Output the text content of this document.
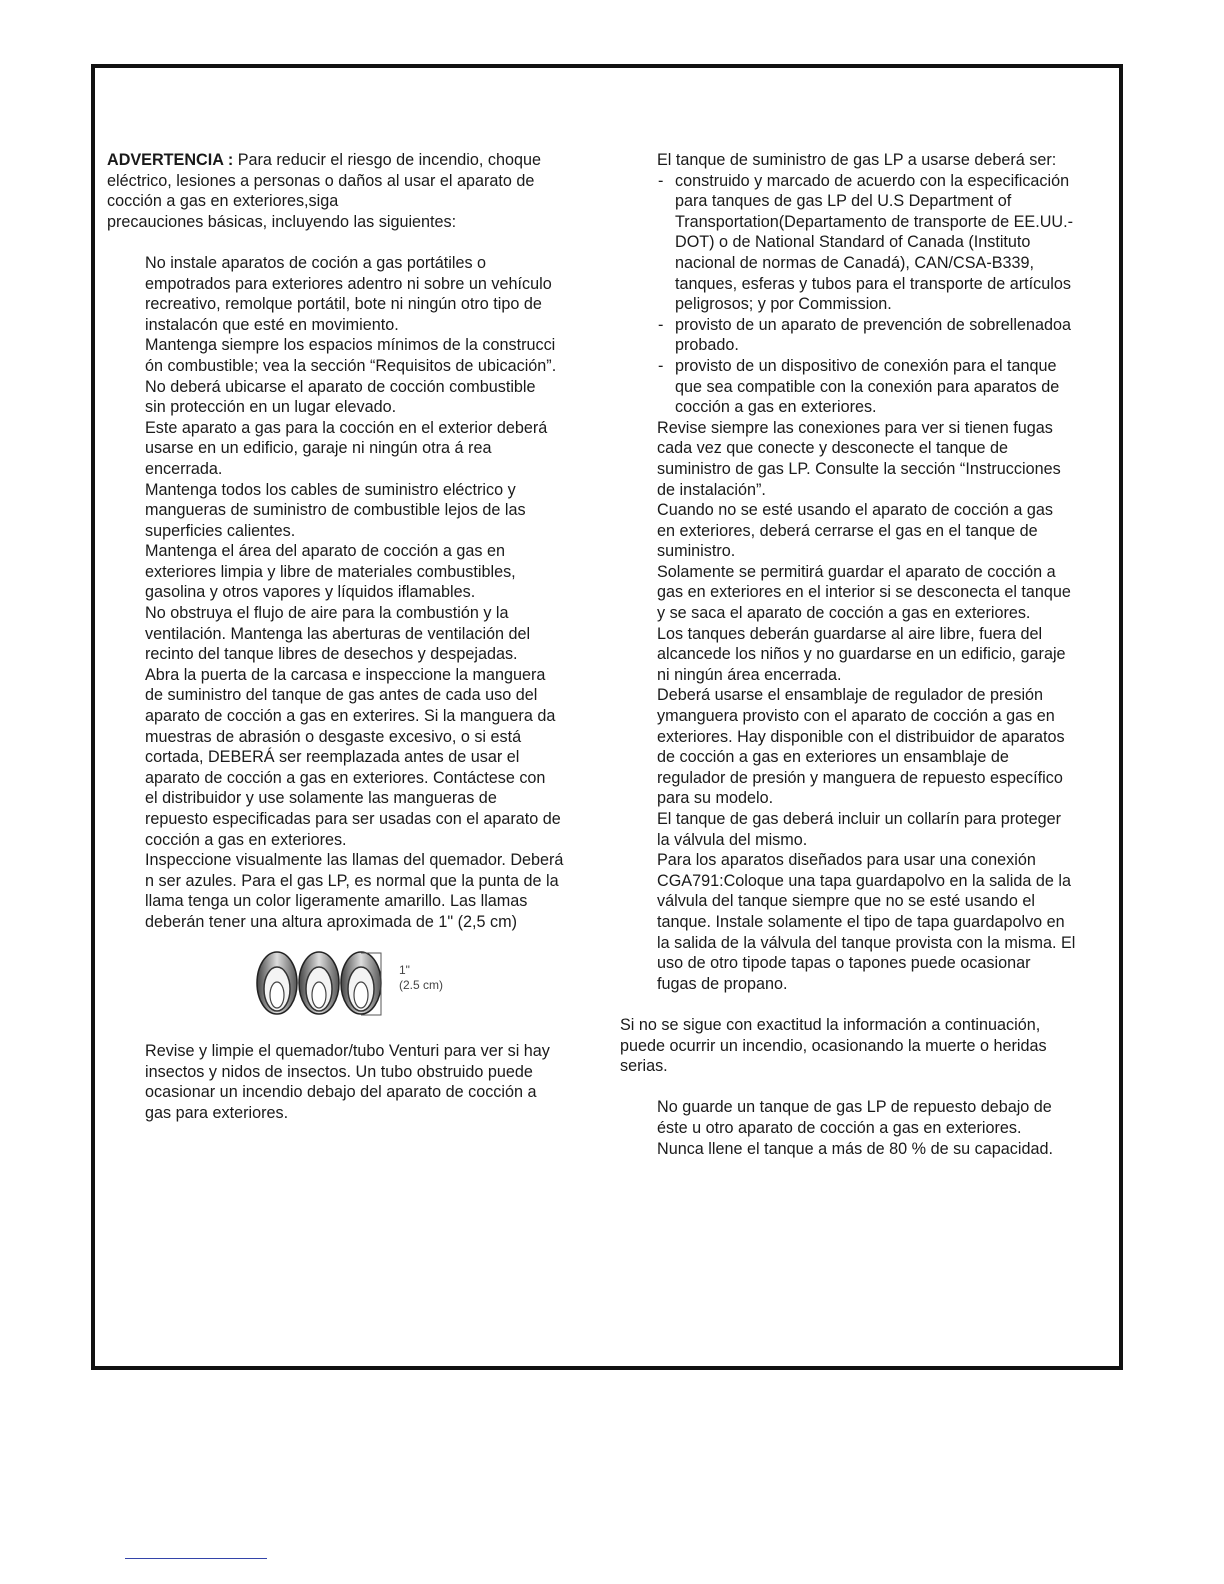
ADVERTENCIA : Para reducir el riesgo de incendio, choque
eléctrico, lesiones a personas o daños al usar el aparato de
cocción a gas en exteriores,siga
precauciones básicas, incluyendo las siguientes:

No instale aparatos de coción a gas portátiles o

empotrados para exteriores adentro ni sobre un vehículo

recreativo, remolque portátil, bote ni ningún otro tipo de

instalacón que esté en movimiento.

Mantenga siempre los espacios mínimos de la construcci

ón combustible; vea la sección “Requisitos de ubicación”.

No deberá ubicarse el aparato de cocción combustible

sin protección en un lugar elevado.

Este aparato a gas para la cocción en el exterior deberá

usarse en un edificio, garaje ni ningún otra á rea

encerrada.

Mantenga todos los cables de suministro eléctrico y

mangueras de suministro de combustible lejos de las

superficies calientes.

Mantenga el área del aparato de cocción a gas en

exteriores limpia y libre de materiales combustibles,

gasolina y otros vapores y líquidos iflamables.

No obstruya el flujo de aire para la combustión y la

ventilación. Mantenga las aberturas de ventilación del

recinto del tanque libres de desechos y despejadas.

Abra la puerta de la carcasa e inspeccione la manguera

de suministro del tanque de gas antes de cada uso del

aparato de cocción a gas en exterires. Si la manguera da

muestras de abrasión o desgaste excesivo, o si está

cortada, DEBERÁ ser reemplazada antes de usar el

aparato de cocción a gas en exteriores. Contáctese con

el distribuidor y use solamente las mangueras de

repuesto especificadas para ser usadas con el aparato de

cocción a gas en exteriores.

Inspeccione visualmente las llamas del quemador. Deberá

n ser azules. Para el gas LP, es normal que la punta de la

llama tenga un color ligeramente amarillo. Las llamas

deberán tener una altura aproximada de 1" (2,5 cm)

1"
(2.5 cm)

Revise y limpie el quemador/tubo Venturi para ver si hay

insectos y nidos de insectos. Un tubo obstruido puede

ocasionar un incendio debajo del aparato de cocción a

gas para exteriores.

El tanque de suministro de gas LP a usarse deberá ser:

- construido y marcado de acuerdo con la especificación

para tanques de gas LP del U.S Department of

Transportation(Departamento de transporte de EE.UU.-

DOT) o de National Standard of Canada (Instituto

nacional de normas de Canadá), CAN/CSA-B339,

tanques, esferas y tubos para el transporte de artículos

peligrosos; y por Commission.

- provisto de un aparato de prevención de sobrellenadoa

probado.

- provisto de un dispositivo de conexión para el tanque

que sea compatible con la conexión para aparatos de

cocción a gas en exteriores.

Revise siempre las conexiones para ver si tienen fugas

cada vez que conecte y desconecte el tanque de

suministro de gas LP. Consulte la sección “Instrucciones

de instalación”.

Cuando no se esté usando el aparato de cocción a gas

en exteriores, deberá cerrarse el gas en el tanque de

suministro.

Solamente se permitirá guardar el aparato de cocción a

gas en exteriores en el interior si se desconecta el tanque

y se saca el aparato de cocción a gas en exteriores.

Los tanques deberán guardarse al aire libre, fuera del

alcancede los niños y no guardarse en un edificio, garaje

ni ningún área encerrada.

Deberá usarse el ensamblaje de regulador de presión

ymanguera provisto con el aparato de cocción a gas en

exteriores. Hay disponible con el distribuidor de aparatos

de cocción a gas en exteriores un ensamblaje de

regulador de presión y manguera de repuesto específico

para su modelo.

El tanque de gas deberá incluir un collarín para proteger

la válvula del mismo.

Para los aparatos diseñados para usar una conexión

CGA791:Coloque una tapa guardapolvo en la salida de la

válvula del tanque siempre que no se esté usando el

tanque. Instale solamente el tipo de tapa guardapolvo en

la salida de la válvula del tanque provista con la misma. El

uso de otro tipode tapas o tapones puede ocasionar

fugas de propano.

Si no se sigue con exactitud la información a continuación,

puede ocurrir un incendio, ocasionando la muerte o heridas

serias.

No guarde un tanque de gas LP de repuesto debajo de

éste u otro aparato de cocción a gas en exteriores.

Nunca llene el tanque a más de 80 % de su capacidad.
